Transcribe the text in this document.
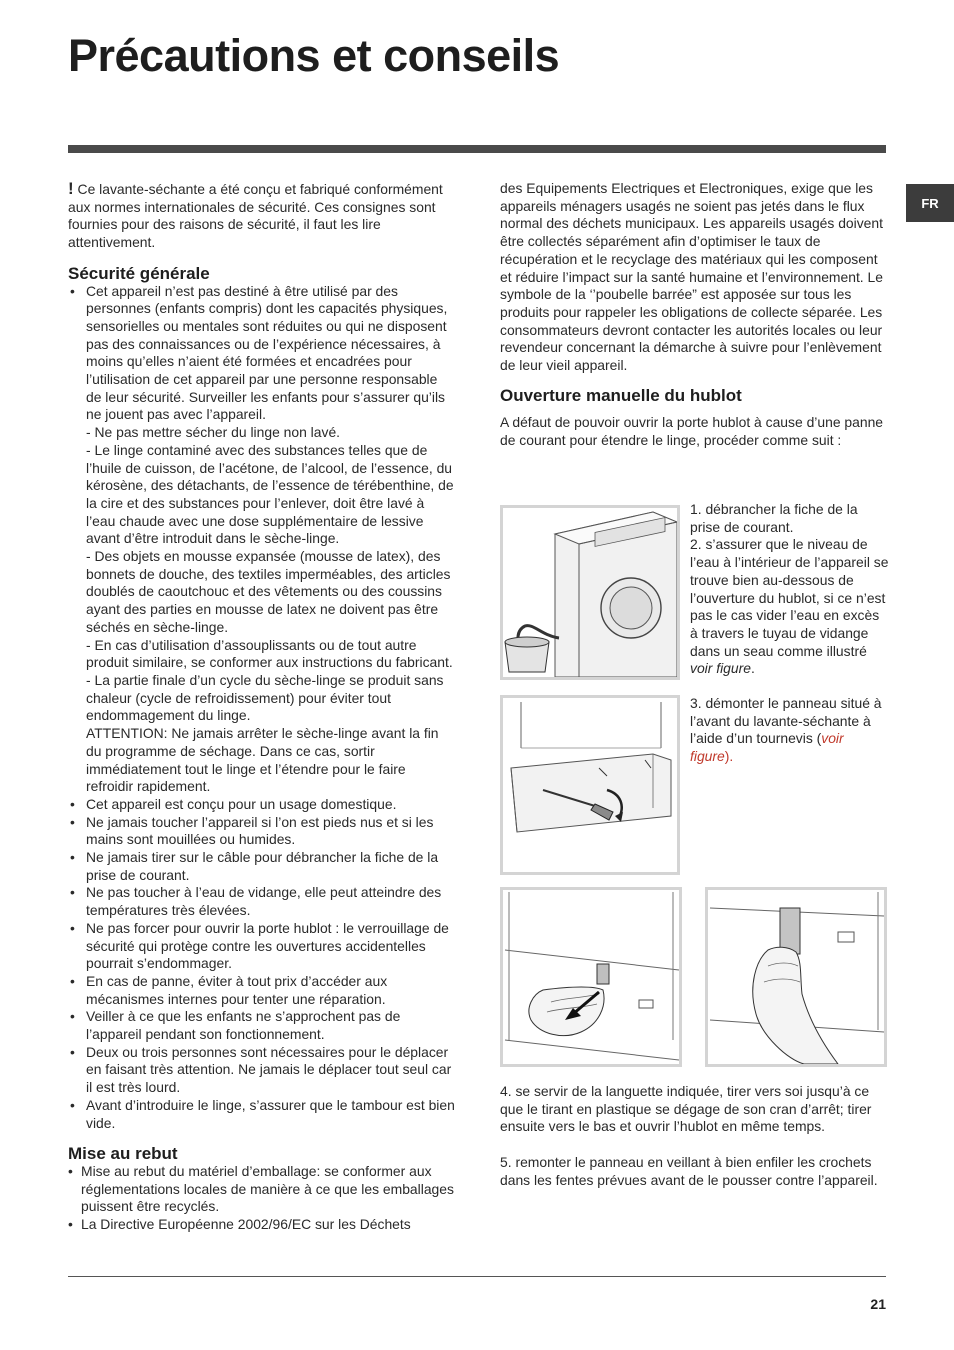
Précautions et conseils
FR

! Ce lavante-séchante a été conçu et fabriqué conformément aux normes internationales de sécurité. Ces consignes sont fournies pour des raisons de sécurité, il faut les lire attentivement.

Sécurité générale
• Cet appareil n’est pas destiné à être utilisé par des personnes (enfants compris) dont les capacités physiques, sensorielles ou mentales sont réduites ou qui ne disposent pas des connaissances ou de l’expérience nécessaires, à moins qu’elles n’aient été formées et encadrées pour l’utilisation de cet appareil par une personne responsable de leur sécurité. Surveiller les enfants pour s’assurer qu’ils ne jouent pas avec l’appareil.
- Ne pas mettre sécher du linge non lavé.
- Le linge contaminé avec des substances telles que de l’huile de cuisson, de l’acétone, de l’alcool, de l’essence, du kérosène, des détachants, de l’essence de térébenthine, de la cire et des substances pour l’enlever, doit être lavé à l’eau chaude avec une dose supplémentaire de lessive avant d’être introduit dans le sèche-linge.
- Des objets en mousse expansée (mousse de latex), des bonnets de douche, des textiles imperméables, des articles doublés de caoutchouc et des vêtements ou des coussins ayant des parties en mousse de latex ne doivent pas être séchés en sèche-linge.
- En cas d’utilisation d’assouplissants ou de tout autre produit similaire, se conformer aux instructions du fabricant.
- La partie finale d’un cycle du sèche-linge se produit sans chaleur (cycle de refroidissement) pour éviter tout endommagement du linge.
ATTENTION: Ne jamais arrêter le sèche-linge avant la fin du programme de séchage. Dans ce cas, sortir immédiatement tout le linge et l’étendre pour le faire refroidir rapidement.
• Cet appareil est conçu pour un usage domestique.
• Ne jamais toucher l’appareil si l’on est pieds nus et si les mains sont mouillées ou humides.
• Ne jamais tirer sur le câble pour débrancher la fiche de la prise de courant.
• Ne pas toucher à l’eau de vidange, elle peut atteindre des températures très élevées.
• Ne pas forcer pour ouvrir la porte hublot : le verrouillage de sécurité qui protège contre les ouvertures accidentelles pourrait s’endommager.
• En cas de panne, éviter à tout prix d’accéder aux mécanismes internes pour tenter une réparation.
• Veiller à ce que les enfants ne s’approchent pas de l’appareil pendant son fonctionnement.
• Deux ou trois personnes sont nécessaires pour le déplacer en faisant très attention. Ne jamais le déplacer tout seul car il est très lourd.
• Avant d’introduire le linge, s’assurer que le tambour est bien vide.
Mise au rebut
• Mise au rebut du matériel d’emballage: se conformer aux réglementations locales de manière à ce que les emballages puissent être recyclés.
• La Directive Européenne 2002/96/EC sur les Déchets

des Equipements Electriques et Electroniques, exige que les appareils ménagers usagés ne soient pas jetés dans le flux normal des déchets municipaux. Les appareils usagés doivent être collectés séparément afin d’optimiser le taux de récupération et le recyclage des matériaux qui les composent et réduire l’impact sur la santé humaine et l’environnement. Le symbole de la ‘’poubelle barrée” est apposée sur tous les produits pour rappeler les obligations de collecte séparée. Les consommateurs devront contacter les autorités locales ou leur revendeur concernant la démarche à suivre pour l’enlèvement de leur vieil appareil.

Ouverture manuelle du hublot

A défaut de pouvoir ouvrir la porte hublot à cause d’une panne de courant pour étendre le linge, procéder comme suit :

1. débrancher la fiche de la prise de courant.
2. s’assurer que le niveau de l’eau à l’intérieur de l’appareil se trouve bien au-dessous de l’ouverture du hublot, si ce n’est pas le cas vider l’eau en excès à travers le tuyau de vidange dans un seau comme illustré voir figure.
3. démonter le panneau situé à l’avant du lavante-séchante à l’aide d’un tournevis (voir figure).
4. se servir de la languette indiquée, tirer vers soi jusqu’à ce que le tirant en plastique se dégage de son cran d’arrêt; tirer ensuite vers le bas et ouvrir l’hublot en même temps.
5. remonter le panneau en veillant à bien enfiler les crochets dans les fentes prévues avant de le pousser contre l’appareil.
21
